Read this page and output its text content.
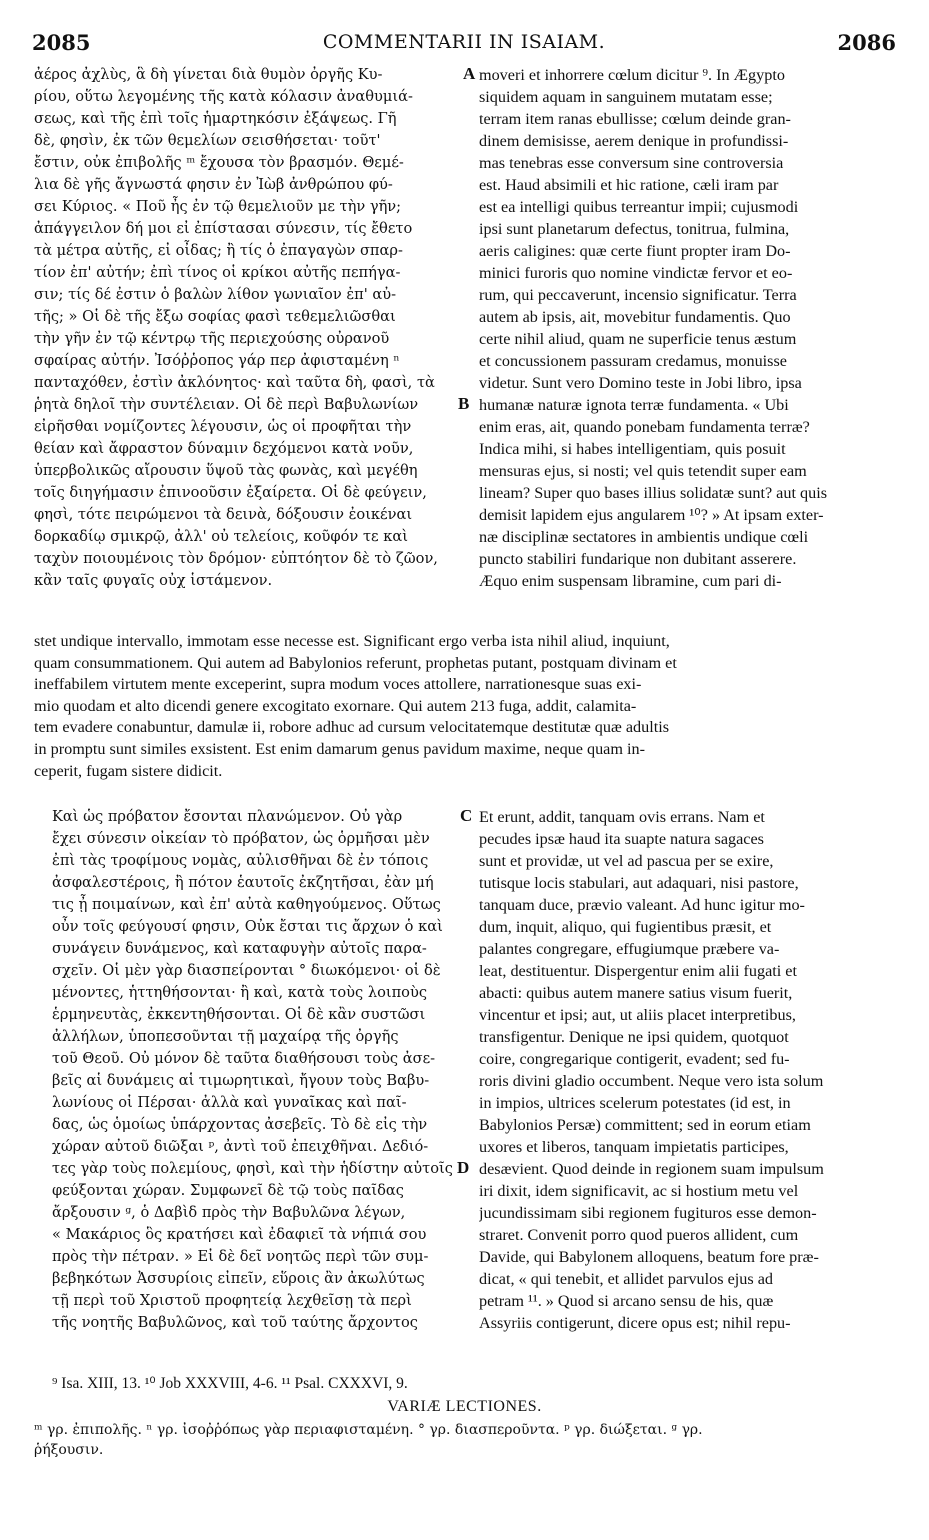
2085	COMMENTARII IN ISAIAM.	2086
ἀέρος ἀχλὺς, ἃ δὴ γίνεται διὰ θυμὸν ὀργῆς Κυ-
ρίου, οὕτω λεγομένης τῆς κατὰ κόλασιν ἀναθυμιά-
σεως, καὶ τῆς ἐπὶ τοῖς ἡμαρτηκόσιν ἐξάψεως. Γῆ
δὲ, φησὶν, ἐκ τῶν θεμελίων σεισθήσεται· τοῦτ'
ἔστιν, οὐκ ἐπιβολῆς ᵐ ἔχουσα τὸν βρασμόν. Θεμέ-
λια δὲ γῆς ἄγνωστά φησιν ἐν Ἰὼβ ἀνθρώπου φύ-
σει Κύριος. « Ποῦ ἦς ἐν τῷ θεμελιοῦν με τὴν γῆν;
ἀπάγγειλον δή μοι εἰ ἐπίστασαι σύνεσιν, τίς ἔθετο
τὰ μέτρα αὐτῆς, εἰ οἶδας; ἢ τίς ὁ ἐπαγαγὼν σπαρ-
τίον ἐπ' αὐτήν; ἐπὶ τίνος οἱ κρίκοι αὐτῆς πεπήγα-
σιν; τίς δέ ἐστιν ὁ βαλὼν λίθον γωνιαῖον ἐπ' αὐ-
τῆς; » Οἱ δὲ τῆς ἔξω σοφίας φασὶ τεθεμελιῶσθαι
τὴν γῆν ἐν τῷ κέντρῳ τῆς περιεχούσης οὐρανοῦ
σφαίρας αὐτήν. Ἰσόῤῥοπος γάρ περ ἀφισταμένη ⁿ
πανταχόθεν, ἐστὶν ἀκλόνητος· καὶ ταῦτα δὴ, φασὶ, τὰ
ῥητὰ δηλοῖ τὴν συντέλειαν. Οἱ δὲ περὶ Βαβυλωνίων
εἰρῆσθαι νομίζοντες λέγουσιν, ὡς οἱ προφῆται τὴν
θείαν καὶ ἄφραστον δύναμιν δεχόμενοι κατὰ νοῦν,
ὑπερβολικῶς αἴρουσιν ὕψοῦ τὰς φωνὰς, καὶ μεγέθη
τοῖς διηγήμασιν ἐπινοοῦσιν ἐξαίρετα. Οἱ δὲ φεύγειν,
φησὶ, τότε πειρώμενοι τὰ δεινὰ, δόξουσιν ἐοικέναι
δορκαδίῳ σμικρῷ, ἀλλ' οὐ τελείοις, κοῦφόν τε καὶ
ταχὺν ποιουμένοις τὸν δρόμον· εὐπτόητον δὲ τὸ ζῶον,
κἂν ταῖς φυγαῖς οὐχ ἱστάμενον.
moveri et inhorrere cœlum dicitur ⁹. In Ægypto
siquidem aquam in sanguinem mutatam esse;
terram item ranas ebullisse; cœlum deinde gran-
dinem demisisse, aerem denique in profundissi-
mas tenebras esse conversum sine controversia
est. Haud absimili et hic ratione, cæli iram par
est ea intelligi quibus terreantur impii; cujusmodi
ipsi sunt planetarum defectus, tonitrua, fulmina,
aeris caligines: quæ certe fiunt propter iram Do-
minici furoris quo nomine vindictæ fervor et eo-
rum, qui peccaverunt, incensio significatur. Terra
autem ab ipsis, ait, movebitur fundamentis. Quo
certe nihil aliud, quam ne superficie tenus æstum
et concussionem passuram credamus, monuisse
videtur. Sunt vero Domino teste in Jobi libro, ipsa
humanæ naturæ ignota terræ fundamenta. « Ubi
enim eras, ait, quando ponebam fundamenta terræ?
Indica mihi, si habes intelligentiam, quis posuit
mensuras ejus, si nosti; vel quis tetendit super eam
lineam? Super quo bases illius solidatæ sunt? aut quis
demisit lapidem ejus angularem ¹⁰? » At ipsam exter-
næ disciplinæ sectatores in ambientis undique cœli
puncto stabiliri fundarique non dubitant asserere.
Æquo enim suspensam libramine, cum pari di-
stet undique intervallo, immotam esse necesse est. Significant ergo verba ista nihil aliud, inquiunt,
quam consummationem. Qui autem ad Babylonios referunt, prophetas putant, postquam divinam et
ineffabilem virtutem mente exceperint, supra modum voces attollere, narrationesque suas exi-
mio quodam et alto dicendi genere excogitato exornare. Qui autem 213 fuga, addit, calamita-
tem evadere conabuntur, damulæ ii, robore adhuc ad cursum velocitatemque destitutæ quæ adultis
in promptu sunt similes exsistent. Est enim damarum genus pavidum maxime, neque quam in-
ceperit, fugam sistere didicit.
Καὶ ὡς πρόβατον ἔσονται πλανώμενον. Οὐ γὰρ
ἔχει σύνεσιν οἰκείαν τὸ πρόβατον, ὡς ὁρμῆσαι μὲν
ἐπὶ τὰς τροφίμους νομὰς, αὐλισθῆναι δὲ ἐν τόποις
ἀσφαλεστέροις, ἢ πότον ἑαυτοῖς ἐκζητῆσαι, ἐὰν μή
τις ᾖ ποιμαίνων, καὶ ἐπ' αὐτὰ καθηγούμενος. Οὕτως
οὖν τοῖς φεύγουσί φησιν, Οὐκ ἔσται τις ἄρχων ὁ καὶ
συνάγειν δυνάμενος, καὶ καταφυγὴν αὐτοῖς παρα-
σχεῖν. Οἱ μὲν γὰρ διασπείρονται ° διωκόμενοι· οἱ δὲ
μένοντες, ἡττηθήσονται· ἢ καὶ, κατὰ τοὺς λοιποὺς
ἑρμηνευτὰς, ἐκκεντηθήσονται. Οἱ δὲ κἂν συστῶσι
ἀλλήλων, ὑποπεσοῦνται τῇ μαχαίρᾳ τῆς ὀργῆς
τοῦ Θεοῦ. Οὐ μόνον δὲ ταῦτα διαθήσουσι τοὺς ἀσε-
βεῖς αἱ δυνάμεις αἱ τιμωρητικαὶ, ἤγουν τοὺς Βαβυ-
λωνίους οἱ Πέρσαι· ἀλλὰ καὶ γυναῖκας καὶ παῖ-
δας, ὡς ὁμοίως ὑπάρχοντας ἀσεβεῖς. Τὸ δὲ εἰς τὴν
χώραν αὐτοῦ διῶξαι ᵖ, ἀντὶ τοῦ ἐπειχθῆναι. Δεδιό-
τες γὰρ τοὺς πολεμίους, φησὶ, καὶ τὴν ἡδίστην αὐτοῖς
φεύξονται χώραν. Συμφωνεῖ δὲ τῷ τοὺς παῖδας
ἄρξουσιν ᵍ, ὁ Δαβὶδ πρὸς τὴν Βαβυλῶνα λέγων,
« Μακάριος ὃς κρατήσει καὶ ἐδαφιεῖ τὰ νήπιά σου
πρὸς τὴν πέτραν. » Εἰ δὲ δεῖ νοητῶς περὶ τῶν συμ-
βεβηκότων Ἀσσυρίοις εἰπεῖν, εὕροις ἂν ἀκωλύτως
τῇ περὶ τοῦ Χριστοῦ προφητείᾳ λεχθεῖσῃ τὰ περὶ
τῆς νοητῆς Βαβυλῶνος, καὶ τοῦ ταύτης ἄρχοντος
Et erunt, addit, tanquam ovis errans. Nam et
pecudes ipsæ haud ita suapte natura sagaces
sunt et providæ, ut vel ad pascua per se exire,
tutisque locis stabulari, aut adaquari, nisi pastore,
tanquam duce, prævio valeant. Ad hunc igitur mo-
dum, inquit, aliquo, qui fugientibus præsit, et
palantes congregare, effugiumque præbere va-
leat, destituentur. Dispergentur enim alii fugati et
abacti: quibus autem manere satius visum fuerit,
vincentur et ipsi; aut, ut aliis placet interpretibus,
transfigentur. Denique ne ipsi quidem, quotquot
coire, congregarique contigerit, evadent; sed fu-
roris divini gladio occumbent. Neque vero ista solum
in impios, ultrices scelerum potestates (id est, in
Babylonios Persæ) committent; sed in eorum etiam
uxores et liberos, tanquam impietatis participes,
desævient. Quod deinde in regionem suam impulsum
iri dixit, idem significavit, ac si hostium metu vel
jucundissimam sibi regionem fugituros esse demon-
straret. Convenit porro quod pueros allident, cum
Davide, qui Babylonem alloquens, beatum fore præ-
dicat, « qui tenebit, et allidet parvulos ejus ad
petram ¹¹. » Quod si arcano sensu de his, quæ
Assyriis contigerunt, dicere opus est; nihil repu-
A
B
C
D
⁹ Isa. XIII, 13. ¹⁰ Job XXXVIII, 4-6. ¹¹ Psal. CXXXVI, 9.
VARIÆ LECTIONES.
ᵐ γρ. ἐπιπολῆς. ⁿ γρ. ἰσοῤῥόπως γὰρ περιαφισταμένη. ° γρ. διασπεροῦντα. ᵖ γρ. διώξεται. ᵍ γρ.
ῥήξουσιν.
